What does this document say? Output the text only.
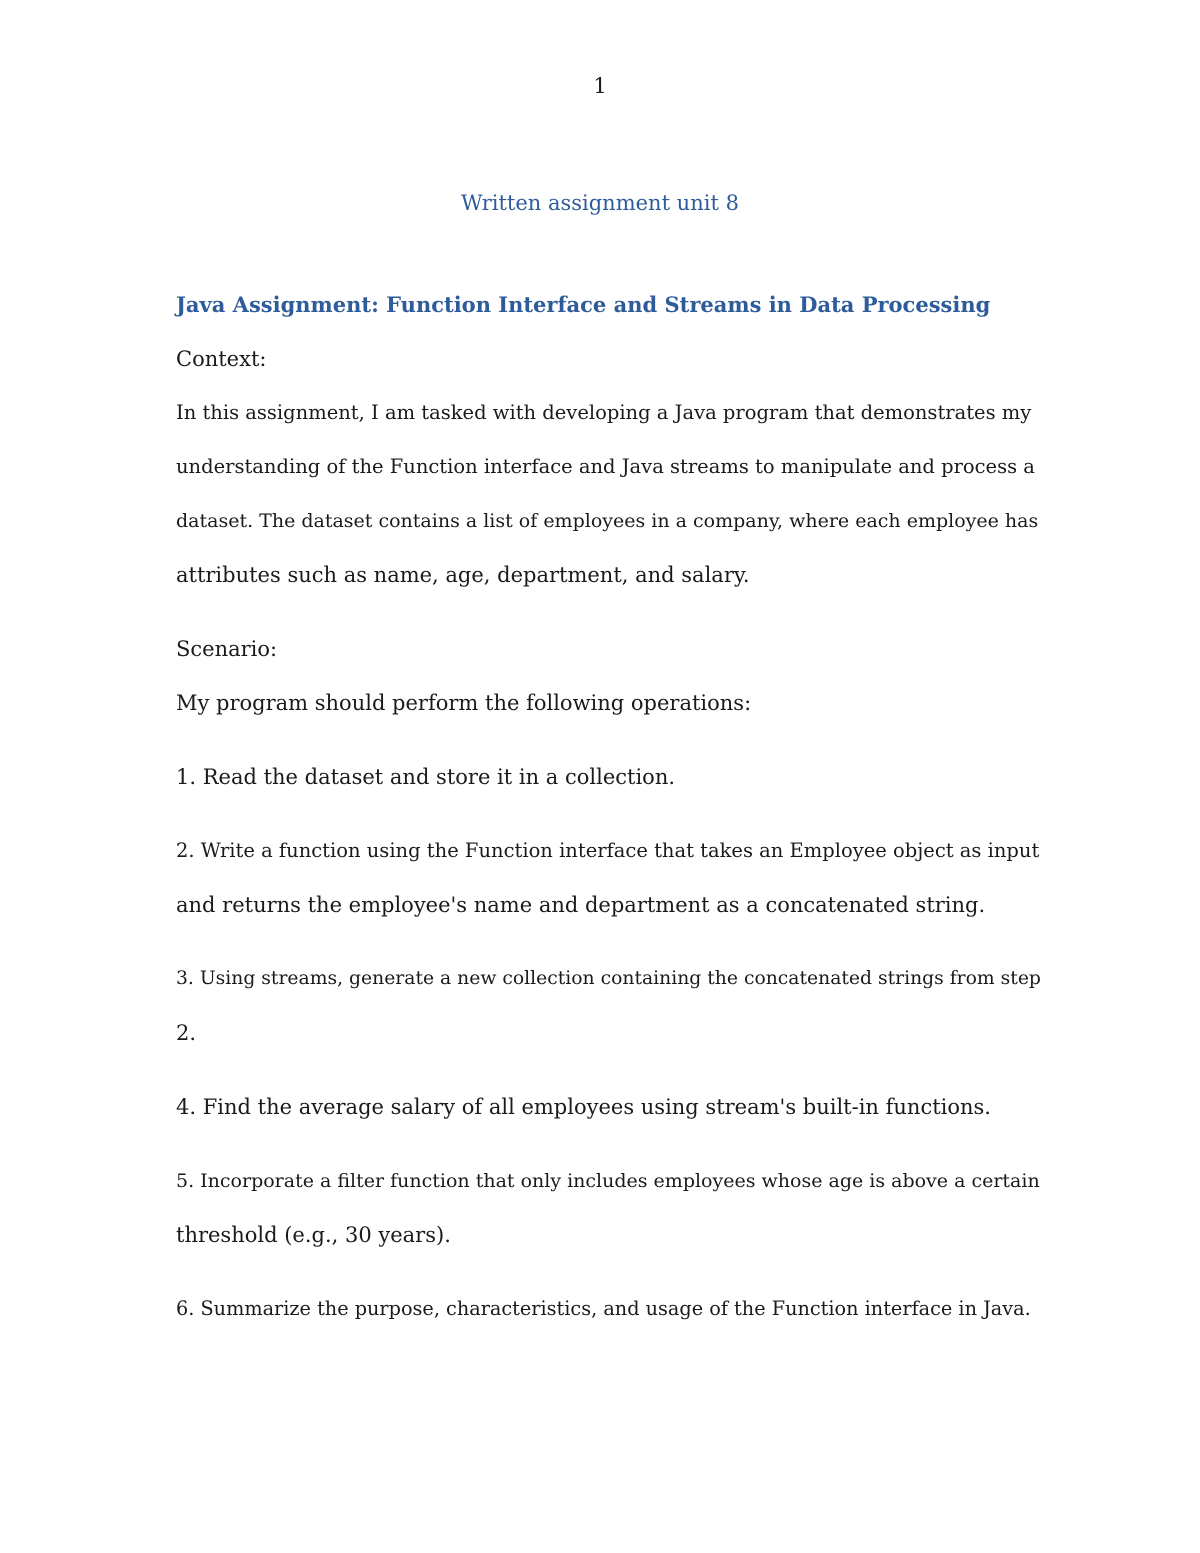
1
Written assignment unit 8
Java Assignment: Function Interface and Streams in Data Processing
Context:
In this assignment, I am tasked with developing a Java program that demonstrates my
understanding of the Function interface and Java streams to manipulate and process a
dataset. The dataset contains a list of employees in a company, where each employee has
attributes such as name, age, department, and salary.
Scenario:
My program should perform the following operations:
1. Read the dataset and store it in a collection.
2. Write a function using the Function interface that takes an Employee object as input
and returns the employee's name and department as a concatenated string.
3. Using streams, generate a new collection containing the concatenated strings from step
2.
4. Find the average salary of all employees using stream's built-in functions.
5. Incorporate a filter function that only includes employees whose age is above a certain
threshold (e.g., 30 years).
6. Summarize the purpose, characteristics, and usage of the Function interface in Java.
